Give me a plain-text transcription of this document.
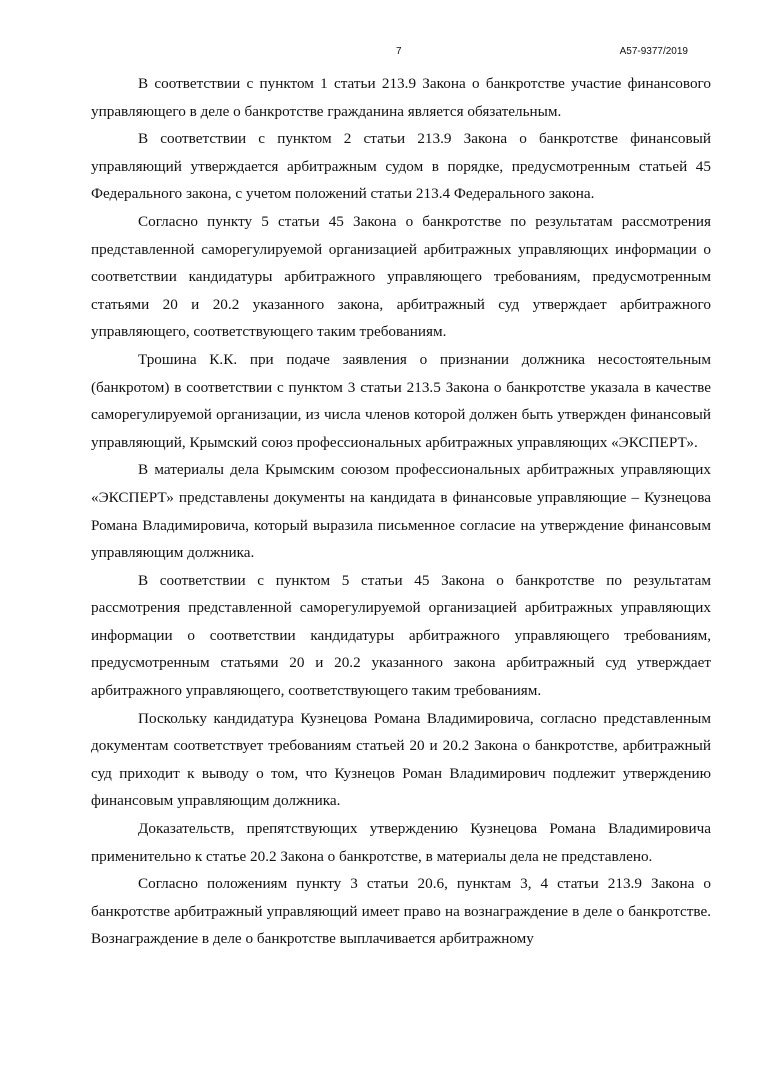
7	А57-9377/2019

В соответствии с пунктом 1 статьи 213.9 Закона о банкротстве участие финансового управляющего в деле о банкротстве гражданина является обязательным.

В соответствии с пунктом 2 статьи 213.9 Закона о банкротстве финансовый управляющий утверждается арбитражным судом в порядке, предусмотренным статьей 45 Федерального закона, с учетом положений статьи 213.4 Федерального закона.

Согласно пункту 5 статьи 45 Закона о банкротстве по результатам рассмотрения представленной саморегулируемой организацией арбитражных управляющих информации о соответствии кандидатуры арбитражного управляющего требованиям, предусмотренным статьями 20 и 20.2 указанного закона, арбитражный суд утверждает арбитражного управляющего, соответствующего таким требованиям.

Трошина К.К. при подаче заявления о признании должника несостоятельным (банкротом) в соответствии с пунктом 3 статьи 213.5 Закона о банкротстве указала в качестве саморегулируемой организации, из числа членов которой должен быть утвержден финансовый управляющий, Крымский союз профессиональных арбитражных управляющих «ЭКСПЕРТ».

В материалы дела Крымским союзом профессиональных арбитражных управляющих «ЭКСПЕРТ» представлены документы на кандидата в финансовые управляющие – Кузнецова Романа Владимировича, который выразила письменное согласие на утверждение финансовым управляющим должника.

В соответствии с пунктом 5 статьи 45 Закона о банкротстве по результатам рассмотрения представленной саморегулируемой организацией арбитражных управляющих информации о соответствии кандидатуры арбитражного управляющего требованиям, предусмотренным статьями 20 и 20.2 указанного закона арбитражный суд утверждает арбитражного управляющего, соответствующего таким требованиям.

Поскольку кандидатура Кузнецова Романа Владимировича, согласно представленным документам соответствует требованиям статьей 20 и 20.2 Закона о банкротстве, арбитражный суд приходит к выводу о том, что Кузнецов Роман Владимирович подлежит утверждению финансовым управляющим должника.

Доказательств, препятствующих утверждению Кузнецова Романа Владимировича применительно к статье 20.2 Закона о банкротстве, в материалы дела не представлено.

Согласно положениям пункту 3 статьи 20.6, пунктам 3, 4 статьи 213.9 Закона о банкротстве арбитражный управляющий имеет право на вознаграждение в деле о банкротстве. Вознаграждение в деле о банкротстве выплачивается арбитражному
